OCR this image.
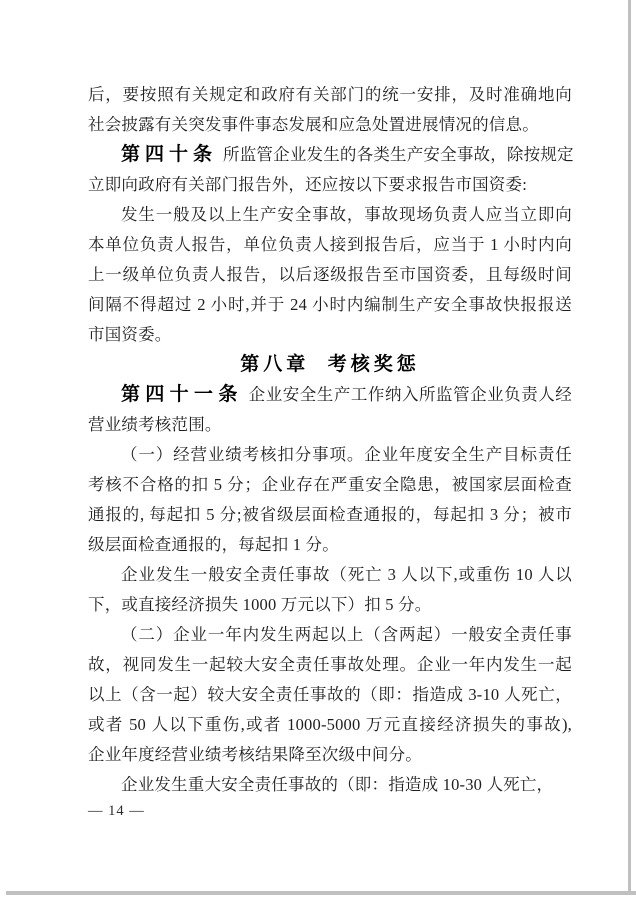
后，要按照有关规定和政府有关部门的统一安排，及时准确地向
社会披露有关突发事件事态发展和应急处置进展情况的信息。
第四十条 所监管企业发生的各类生产安全事故，除按规定
立即向政府有关部门报告外，还应按以下要求报告市国资委:
发生一般及以上生产安全事故，事故现场负责人应当立即向
本单位负责人报告，单位负责人接到报告后，应当于 1 小时内向
上一级单位负责人报告，以后逐级报告至市国资委，且每级时间
间隔不得超过 2 小时,并于 24 小时内编制生产安全事故快报报送
市国资委。
第八章  考核奖惩
第四十一条 企业安全生产工作纳入所监管企业负责人经
营业绩考核范围。
（一）经营业绩考核扣分事项。企业年度安全生产目标责任
考核不合格的扣 5 分；企业存在严重安全隐患，被国家层面检查
通报的, 每起扣 5 分;被省级层面检查通报的，每起扣 3 分；被市
级层面检查通报的，每起扣 1 分。
企业发生一般安全责任事故（死亡 3 人以下,或重伤 10 人以
下，或直接经济损失 1000 万元以下）扣 5 分。
（二）企业一年内发生两起以上（含两起）一般安全责任事
故，视同发生一起较大安全责任事故处理。企业一年内发生一起
以上（含一起）较大安全责任事故的（即：指造成 3-10 人死亡，
或者 50 人以下重伤,或者 1000-5000 万元直接经济损失的事故),
企业年度经营业绩考核结果降至次级中间分。
企业发生重大安全责任事故的（即：指造成 10-30 人死亡，
— 14 —
